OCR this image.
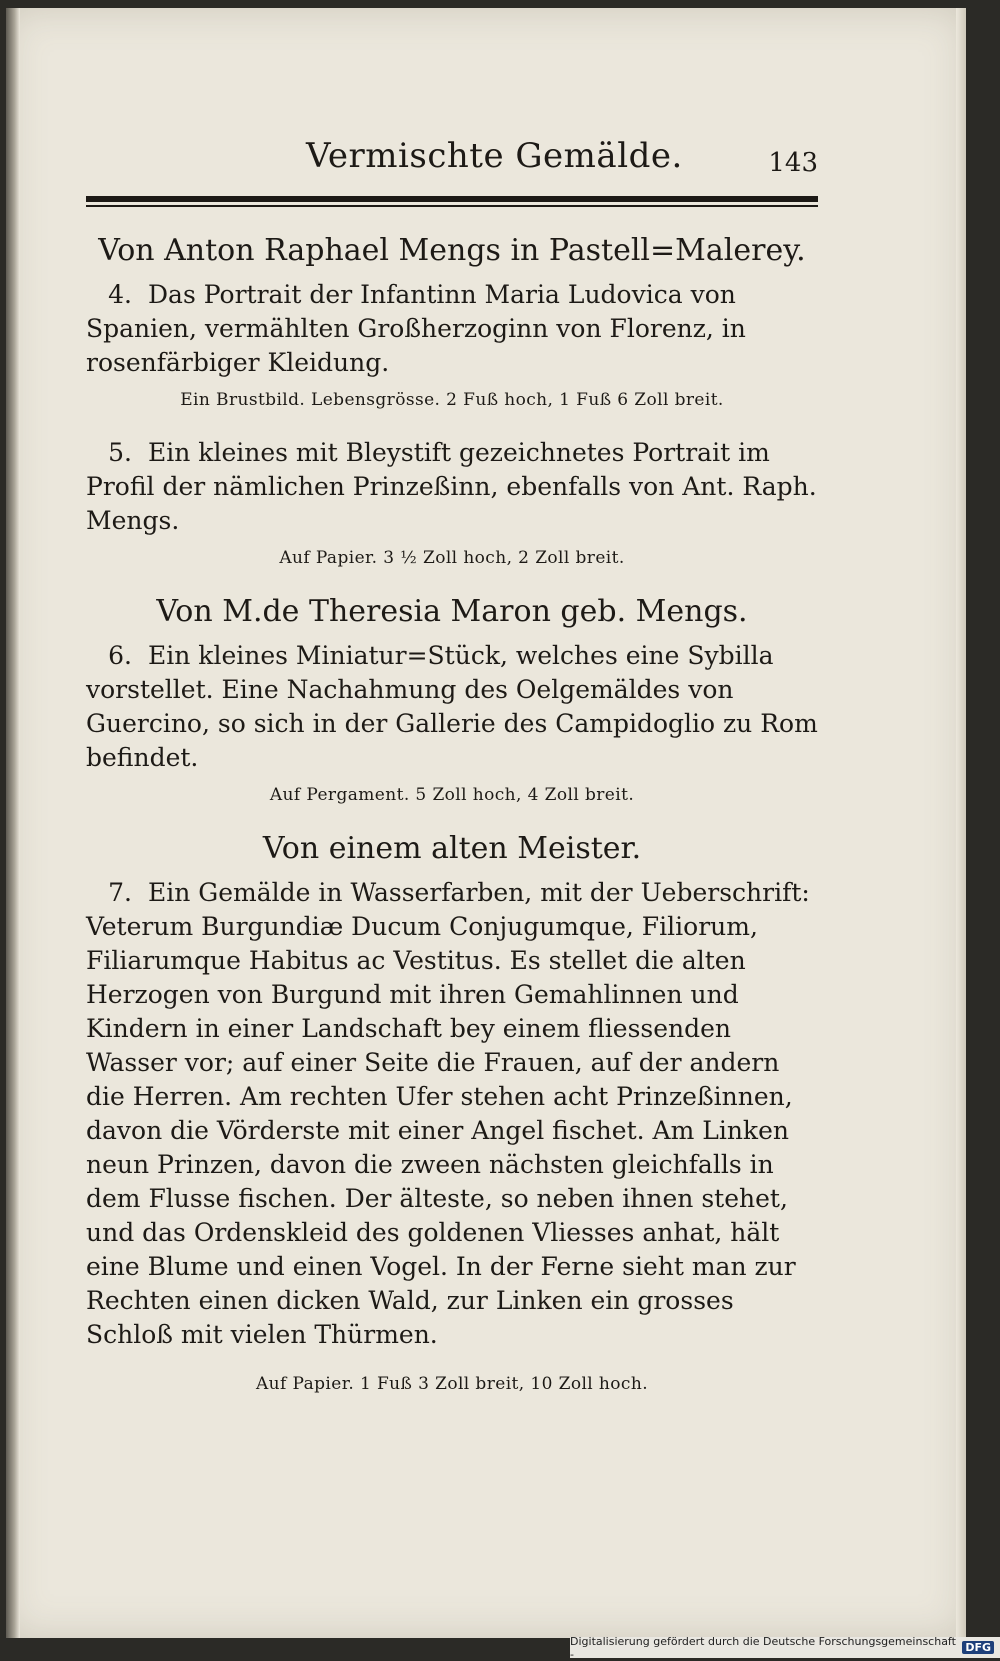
Vermischte Gemälde.	143
Von Anton Raphael Mengs in Pastell=Malerey.
4. Das Portrait der Infantinn Maria Ludovica von Spanien, vermählten Großherzoginn von Florenz, in rosenfärbiger Kleidung.
Ein Brustbild. Lebensgrösse. 2 Fuß hoch, 1 Fuß 6 Zoll breit.
5. Ein kleines mit Bleystift gezeichnetes Portrait im Profil der nämlichen Prinzeßinn, ebenfalls von Ant. Raph. Mengs.
Auf Papier. 3 ½ Zoll hoch, 2 Zoll breit.
Von M.de Theresia Maron geb. Mengs.
6. Ein kleines Miniatur=Stück, welches eine Sybilla vorstellet. Eine Nachahmung des Oelgemäldes von Guercino, so sich in der Gallerie des Campidoglio zu Rom befindet.
Auf Pergament. 5 Zoll hoch, 4 Zoll breit.
Von einem alten Meister.
7. Ein Gemälde in Wasserfarben, mit der Ueberschrift: Veterum Burgundiæ Ducum Conjugumque, Filiorum, Filiarumque Habitus ac Vestitus. Es stellet die alten Herzogen von Burgund mit ihren Gemahlinnen und Kindern in einer Landschaft bey einem fliessenden Wasser vor; auf einer Seite die Frauen, auf der andern die Herren. Am rechten Ufer stehen acht Prinzeßinnen, davon die Vörderste mit einer Angel fischet. Am Linken neun Prinzen, davon die zween nächsten gleichfalls in dem Flusse fischen. Der älteste, so neben ihnen stehet, und das Ordenskleid des goldenen Vliesses anhat, hält eine Blume und einen Vogel. In der Ferne sieht man zur Rechten einen dicken Wald, zur Linken ein grosses Schloß mit vielen Thürmen.
Auf Papier. 1 Fuß 3 Zoll breit, 10 Zoll hoch.
Digitalisierung gefördert durch die Deutsche Forschungsgemeinschaft -	DFG
